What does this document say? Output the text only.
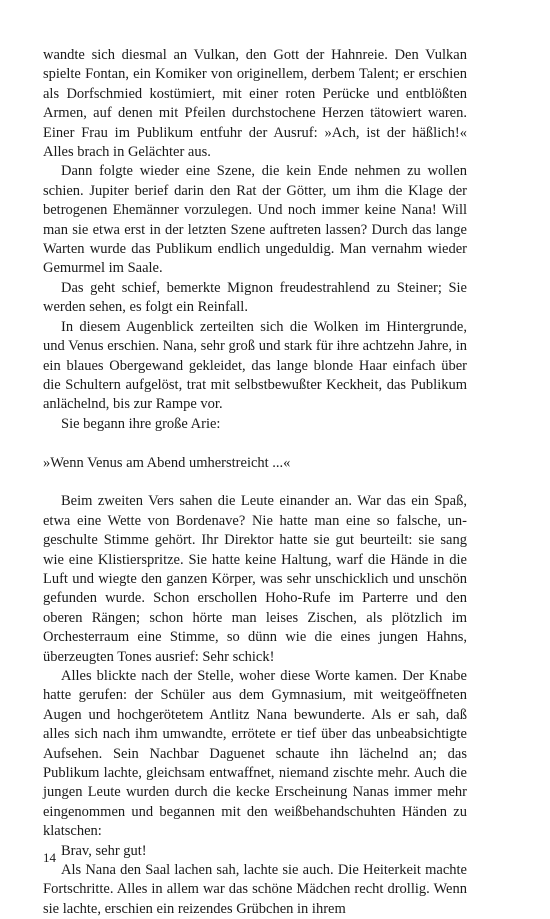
wandte sich diesmal an Vulkan, den Gott der Hahnreie. Den Vulkan spielte Fontan, ein Komiker von originellem, derbem Talent; er erschien als Dorfschmied kostümiert, mit einer roten Perücke und entblößten Armen, auf denen mit Pfeilen durchstochene Herzen tätowiert waren. Einer Frau im Publikum entfuhr der Ausruf: »Ach, ist der häßlich!« Alles brach in Gelächter aus.

Dann folgte wieder eine Szene, die kein Ende nehmen zu wollen schien. Jupiter berief darin den Rat der Götter, um ihm die Klage der betrogenen Ehemänner vorzulegen. Und noch immer keine Nana! Will man sie etwa erst in der letzten Szene auftreten lassen? Durch das lange Warten wurde das Publikum endlich ungeduldig. Man vernahm wieder Gemurmel im Saale.

Das geht schief, bemerkte Mignon freudestrahlend zu Steiner; Sie werden sehen, es folgt ein Reinfall.

In diesem Augenblick zerteilten sich die Wolken im Hintergrunde, und Venus erschien. Nana, sehr groß und stark für ihre achtzehn Jahre, in ein blaues Obergewand gekleidet, das lange blonde Haar einfach über die Schultern aufgelöst, trat mit selbstbewußter Keckheit, das Publikum anlächelnd, bis zur Rampe vor.

Sie begann ihre große Arie:

»Wenn Venus am Abend umherstreicht ...«

Beim zweiten Vers sahen die Leute einander an. War das ein Spaß, etwa eine Wette von Bordenave? Nie hatte man eine so falsche, ungeschulte Stimme gehört. Ihr Direktor hatte sie gut beurteilt: sie sang wie eine Klistierspritze. Sie hatte keine Haltung, warf die Hände in die Luft und wiegte den ganzen Körper, was sehr unschicklich und unschön gefunden wurde. Schon erschollen Hoho-Rufe im Parterre und den oberen Rängen; schon hörte man leises Zischen, als plötzlich im Orchesterraum eine Stimme, so dünn wie die eines jungen Hahns, überzeugten Tones ausrief: Sehr schick!

Alles blickte nach der Stelle, woher diese Worte kamen. Der Knabe hatte gerufen: der Schüler aus dem Gymnasium, mit weitgeöffneten Augen und hochgerötetem Antlitz Nana bewunderte. Als er sah, daß alles sich nach ihm umwandte, errötete er tief über das unbeabsichtigte Aufsehen. Sein Nachbar Daguenet schaute ihn lächelnd an; das Publikum lachte, gleichsam entwaffnet, niemand zischte mehr. Auch die jungen Leute wurden durch die kecke Erscheinung Nanas immer mehr eingenommen und begannen mit den weißbehandschuhten Händen zu klatschen:

Brav, sehr gut!

Als Nana den Saal lachen sah, lachte sie auch. Die Heiterkeit machte Fortschritte. Alles in allem war das schöne Mädchen recht drollig. Wenn sie lachte, erschien ein reizendes Grübchen in ihrem

14
